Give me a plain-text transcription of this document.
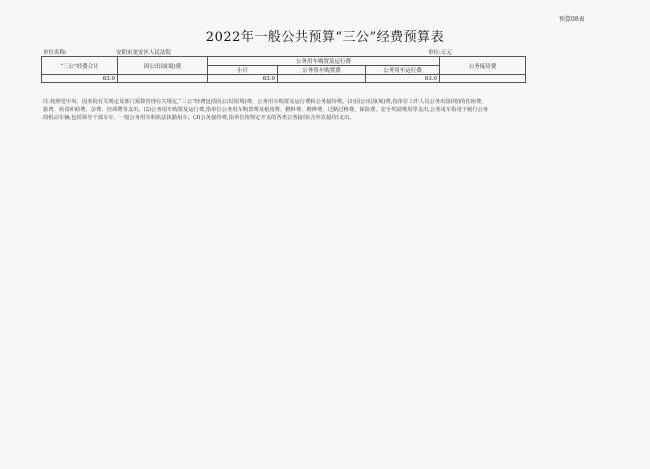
预算08表
2022年一般公共预算“三公”经费预算表
单位名称:	安阳市龙安区人民法院	单位:万元
“三公”经费合计	因公出国(境)费	公务用车购置及运行费			公务接待费
		小计	公务用车购置费	公务用车运行费	
63.0		63.0		63.0	
注:按照党中央、国务院有关规定及部门预算管理有关规定,“三公”经费包括因公出国(境)费、公务用车购置及运行费和公务接待费。(1)因公出国(境)费,指单位工作人员公务出国(境)的住宿费、旅费、伙食补助费、杂费、培训费等支出。(2)公务用车购置及运行费,指单位公务用车购置费及租用费、燃料费、维修费、过路过桥费、保险费、安全奖励费用等支出,公务用车指用于履行公务的机动车辆,包括领导干部专车、一般公务用车和执法执勤用车。(3)公务接待费,指单位按规定开支的各类公务接待(含外宾接待)支出。
